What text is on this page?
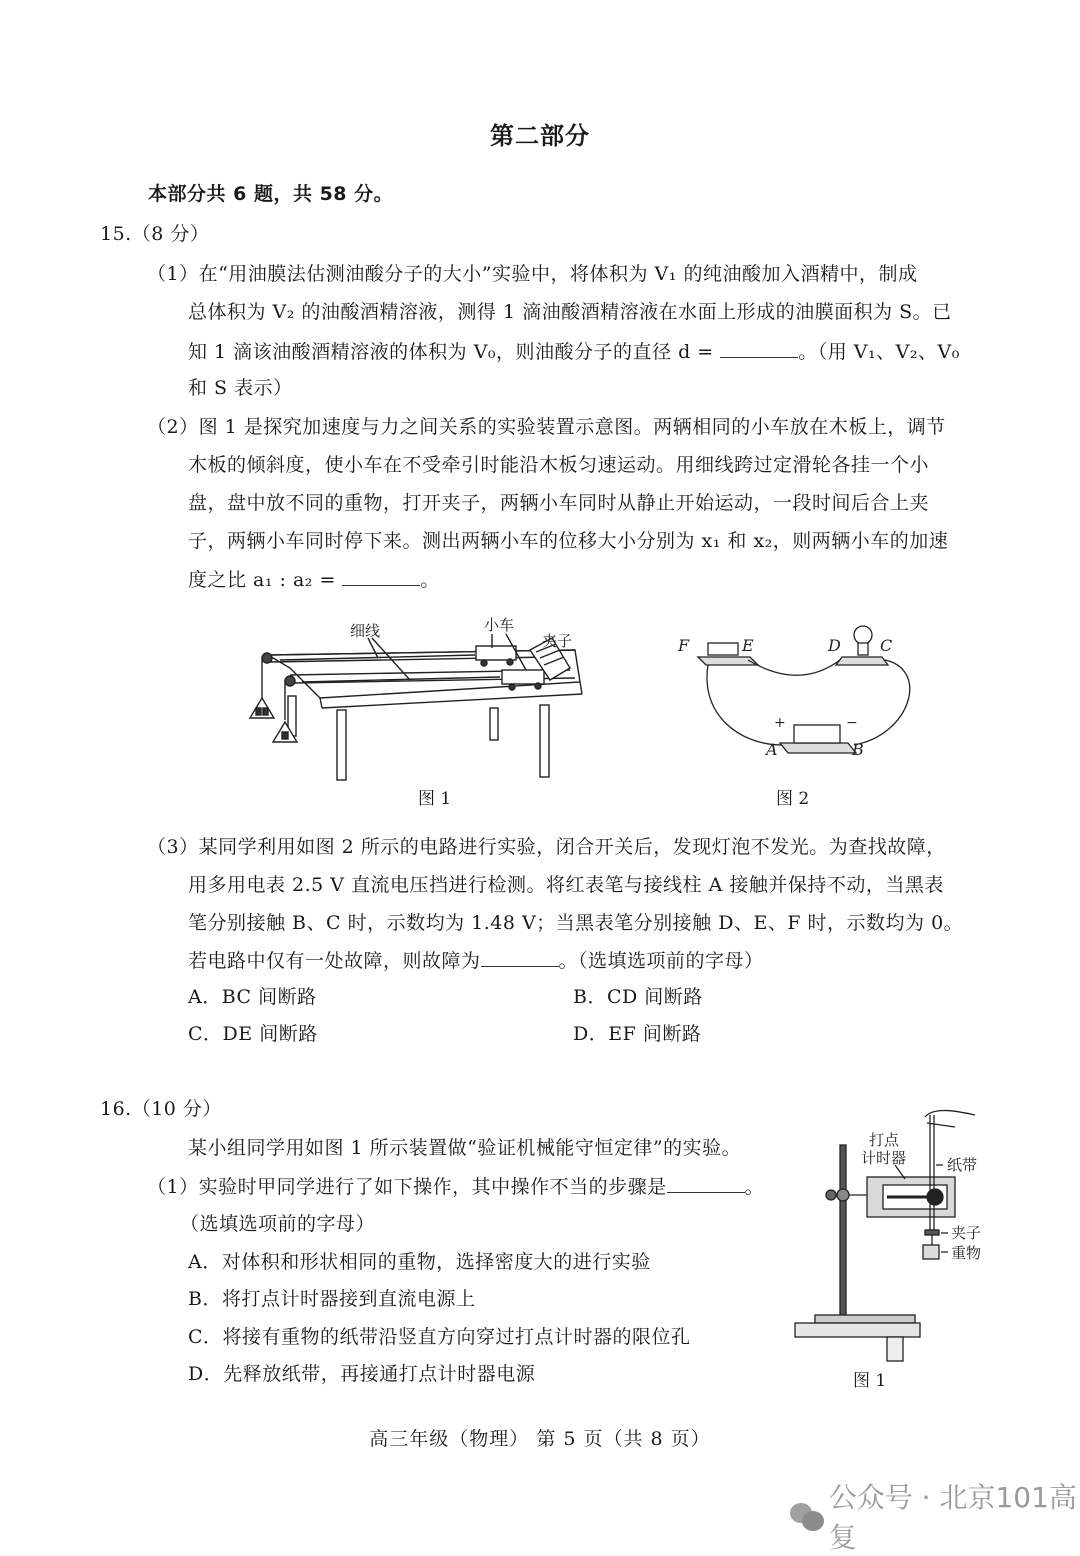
第二部分
本部分共 6 题，共 58 分。
15.（8 分）
（1）在“用油膜法估测油酸分子的大小”实验中，将体积为 V₁ 的纯油酸加入酒精中，制成
总体积为 V₂ 的油酸酒精溶液，测得 1 滴油酸酒精溶液在水面上形成的油膜面积为 S。已
知 1 滴该油酸酒精溶液的体积为 V₀，则油酸分子的直径 d =	。（用 V₁、V₂、V₀
和 S 表示）
（2）图 1 是探究加速度与力之间关系的实验装置示意图。两辆相同的小车放在木板上，调节
木板的倾斜度，使小车在不受牵引时能沿木板匀速运动。用细线跨过定滑轮各挂一个小
盘，盘中放不同的重物，打开夹子，两辆小车同时从静止开始运动，一段时间后合上夹
子，两辆小车同时停下来。测出两辆小车的位移大小分别为 x₁ 和 x₂，则两辆小车的加速
度之比 a₁ : a₂ =	。
细线	小车
夹子
图 1
F	E	D C
A	B
+	−
图 2
（3）某同学利用如图 2 所示的电路进行实验，闭合开关后，发现灯泡不发光。为查找故障，
用多用电表 2.5 V 直流电压挡进行检测。将红表笔与接线柱 A 接触并保持不动，当黑表
笔分别接触 B、C 时，示数均为 1.48 V；当黑表笔分别接触 D、E、F 时，示数均为 0。
若电路中仅有一处故障，则故障为	。（选填选项前的字母）
A．BC 间断路	B．CD 间断路
C．DE 间断路	D．EF 间断路
16.（10 分）
某小组同学用如图 1 所示装置做“验证机械能守恒定律”的实验。
（1）实验时甲同学进行了如下操作，其中操作不当的步骤是	。
（选填选项前的字母）
A．对体积和形状相同的重物，选择密度大的进行实验
B．将打点计时器接到直流电源上
C．将接有重物的纸带沿竖直方向穿过打点计时器的限位孔
D．先释放纸带，再接通打点计时器电源
打点
计时器	纸带
夹子
重物
图 1
高三年级（物理） 第 5 页（共 8 页）
公众号 · 北京101高复
